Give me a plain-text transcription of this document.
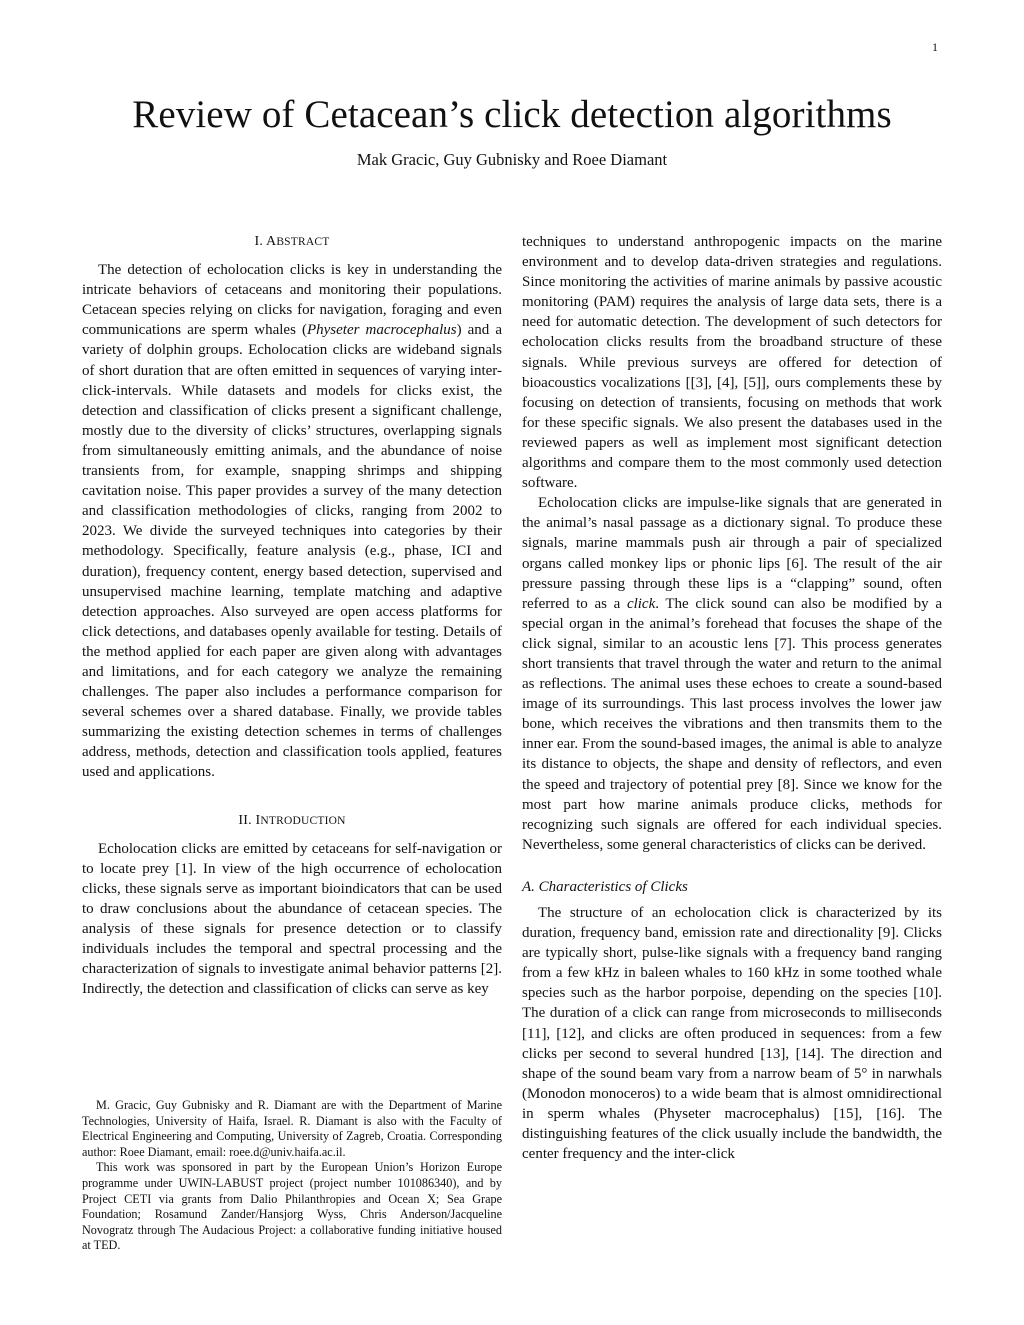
1
Review of Cetacean’s click detection algorithms
Mak Gracic, Guy Gubnisky and Roee Diamant
I. ABSTRACT

The detection of echolocation clicks is key in understanding the intricate behaviors of cetaceans and monitoring their populations. Cetacean species relying on clicks for navigation, foraging and even communications are sperm whales (Physeter macrocephalus) and a variety of dolphin groups. Echolocation clicks are wideband signals of short duration that are often emitted in sequences of varying inter-click-intervals. While datasets and models for clicks exist, the detection and classification of clicks present a significant challenge, mostly due to the diversity of clicks’ structures, overlapping signals from simultaneously emitting animals, and the abundance of noise transients from, for example, snapping shrimps and shipping cavitation noise. This paper provides a survey of the many detection and classification methodologies of clicks, ranging from 2002 to 2023. We divide the surveyed techniques into categories by their methodology. Specifically, feature analysis (e.g., phase, ICI and duration), frequency content, energy based detection, supervised and unsupervised machine learning, template matching and adaptive detection approaches. Also surveyed are open access platforms for click detections, and databases openly available for testing. Details of the method applied for each paper are given along with advantages and limitations, and for each category we analyze the remaining challenges. The paper also includes a performance comparison for several schemes over a shared database. Finally, we provide tables summarizing the existing detection schemes in terms of challenges address, methods, detection and classification tools applied, features used and applications.

II. INTRODUCTION

Echolocation clicks are emitted by cetaceans for self-navigation or to locate prey [1]. In view of the high occurrence of echolocation clicks, these signals serve as important bioindicators that can be used to draw conclusions about the abundance of cetacean species. The analysis of these signals for presence detection or to classify individuals includes the temporal and spectral processing and the characterization of signals to investigate animal behavior patterns [2]. Indirectly, the detection and classification of clicks can serve as key

techniques to understand anthropogenic impacts on the marine environment and to develop data-driven strategies and regulations. Since monitoring the activities of marine animals by passive acoustic monitoring (PAM) requires the analysis of large data sets, there is a need for automatic detection. The development of such detectors for echolocation clicks results from the broadband structure of these signals. While previous surveys are offered for detection of bioacoustics vocalizations [[3], [4], [5]], ours complements these by focusing on detection of transients, focusing on methods that work for these specific signals. We also present the databases used in the reviewed papers as well as implement most significant detection algorithms and compare them to the most commonly used detection software.

Echolocation clicks are impulse-like signals that are generated in the animal’s nasal passage as a dictionary signal. To produce these signals, marine mammals push air through a pair of specialized organs called monkey lips or phonic lips [6]. The result of the air pressure passing through these lips is a “clapping” sound, often referred to as a click. The click sound can also be modified by a special organ in the animal’s forehead that focuses the shape of the click signal, similar to an acoustic lens [7]. This process generates short transients that travel through the water and return to the animal as reflections. The animal uses these echoes to create a sound-based image of its surroundings. This last process involves the lower jaw bone, which receives the vibrations and then transmits them to the inner ear. From the sound-based images, the animal is able to analyze its distance to objects, the shape and density of reflectors, and even the speed and trajectory of potential prey [8]. Since we know for the most part how marine animals produce clicks, methods for recognizing such signals are offered for each individual species. Nevertheless, some general characteristics of clicks can be derived.

A. Characteristics of Clicks

The structure of an echolocation click is characterized by its duration, frequency band, emission rate and directionality [9]. Clicks are typically short, pulse-like signals with a frequency band ranging from a few kHz in baleen whales to 160 kHz in some toothed whale species such as the harbor porpoise, depending on the species [10]. The duration of a click can range from microseconds to milliseconds [11], [12], and clicks are often produced in sequences: from a few clicks per second to several hundred [13], [14]. The direction and shape of the sound beam vary from a narrow beam of 5° in narwhals (Monodon monoceros) to a wide beam that is almost omnidirectional in sperm whales (Physeter macrocephalus) [15], [16]. The distinguishing features of the click usually include the bandwidth, the center frequency and the inter-click

M. Gracic, Guy Gubnisky and R. Diamant are with the Department of Marine Technologies, University of Haifa, Israel. R. Diamant is also with the Faculty of Electrical Engineering and Computing, University of Zagreb, Croatia. Corresponding author: Roee Diamant, email: roee.d@univ.haifa.ac.il.

This work was sponsored in part by the European Union’s Horizon Europe programme under UWIN-LABUST project (project number 101086340), and by Project CETI via grants from Dalio Philanthropies and Ocean X; Sea Grape Foundation; Rosamund Zander/Hansjorg Wyss, Chris Anderson/Jacqueline Novogratz through The Audacious Project: a collaborative funding initiative housed at TED.
